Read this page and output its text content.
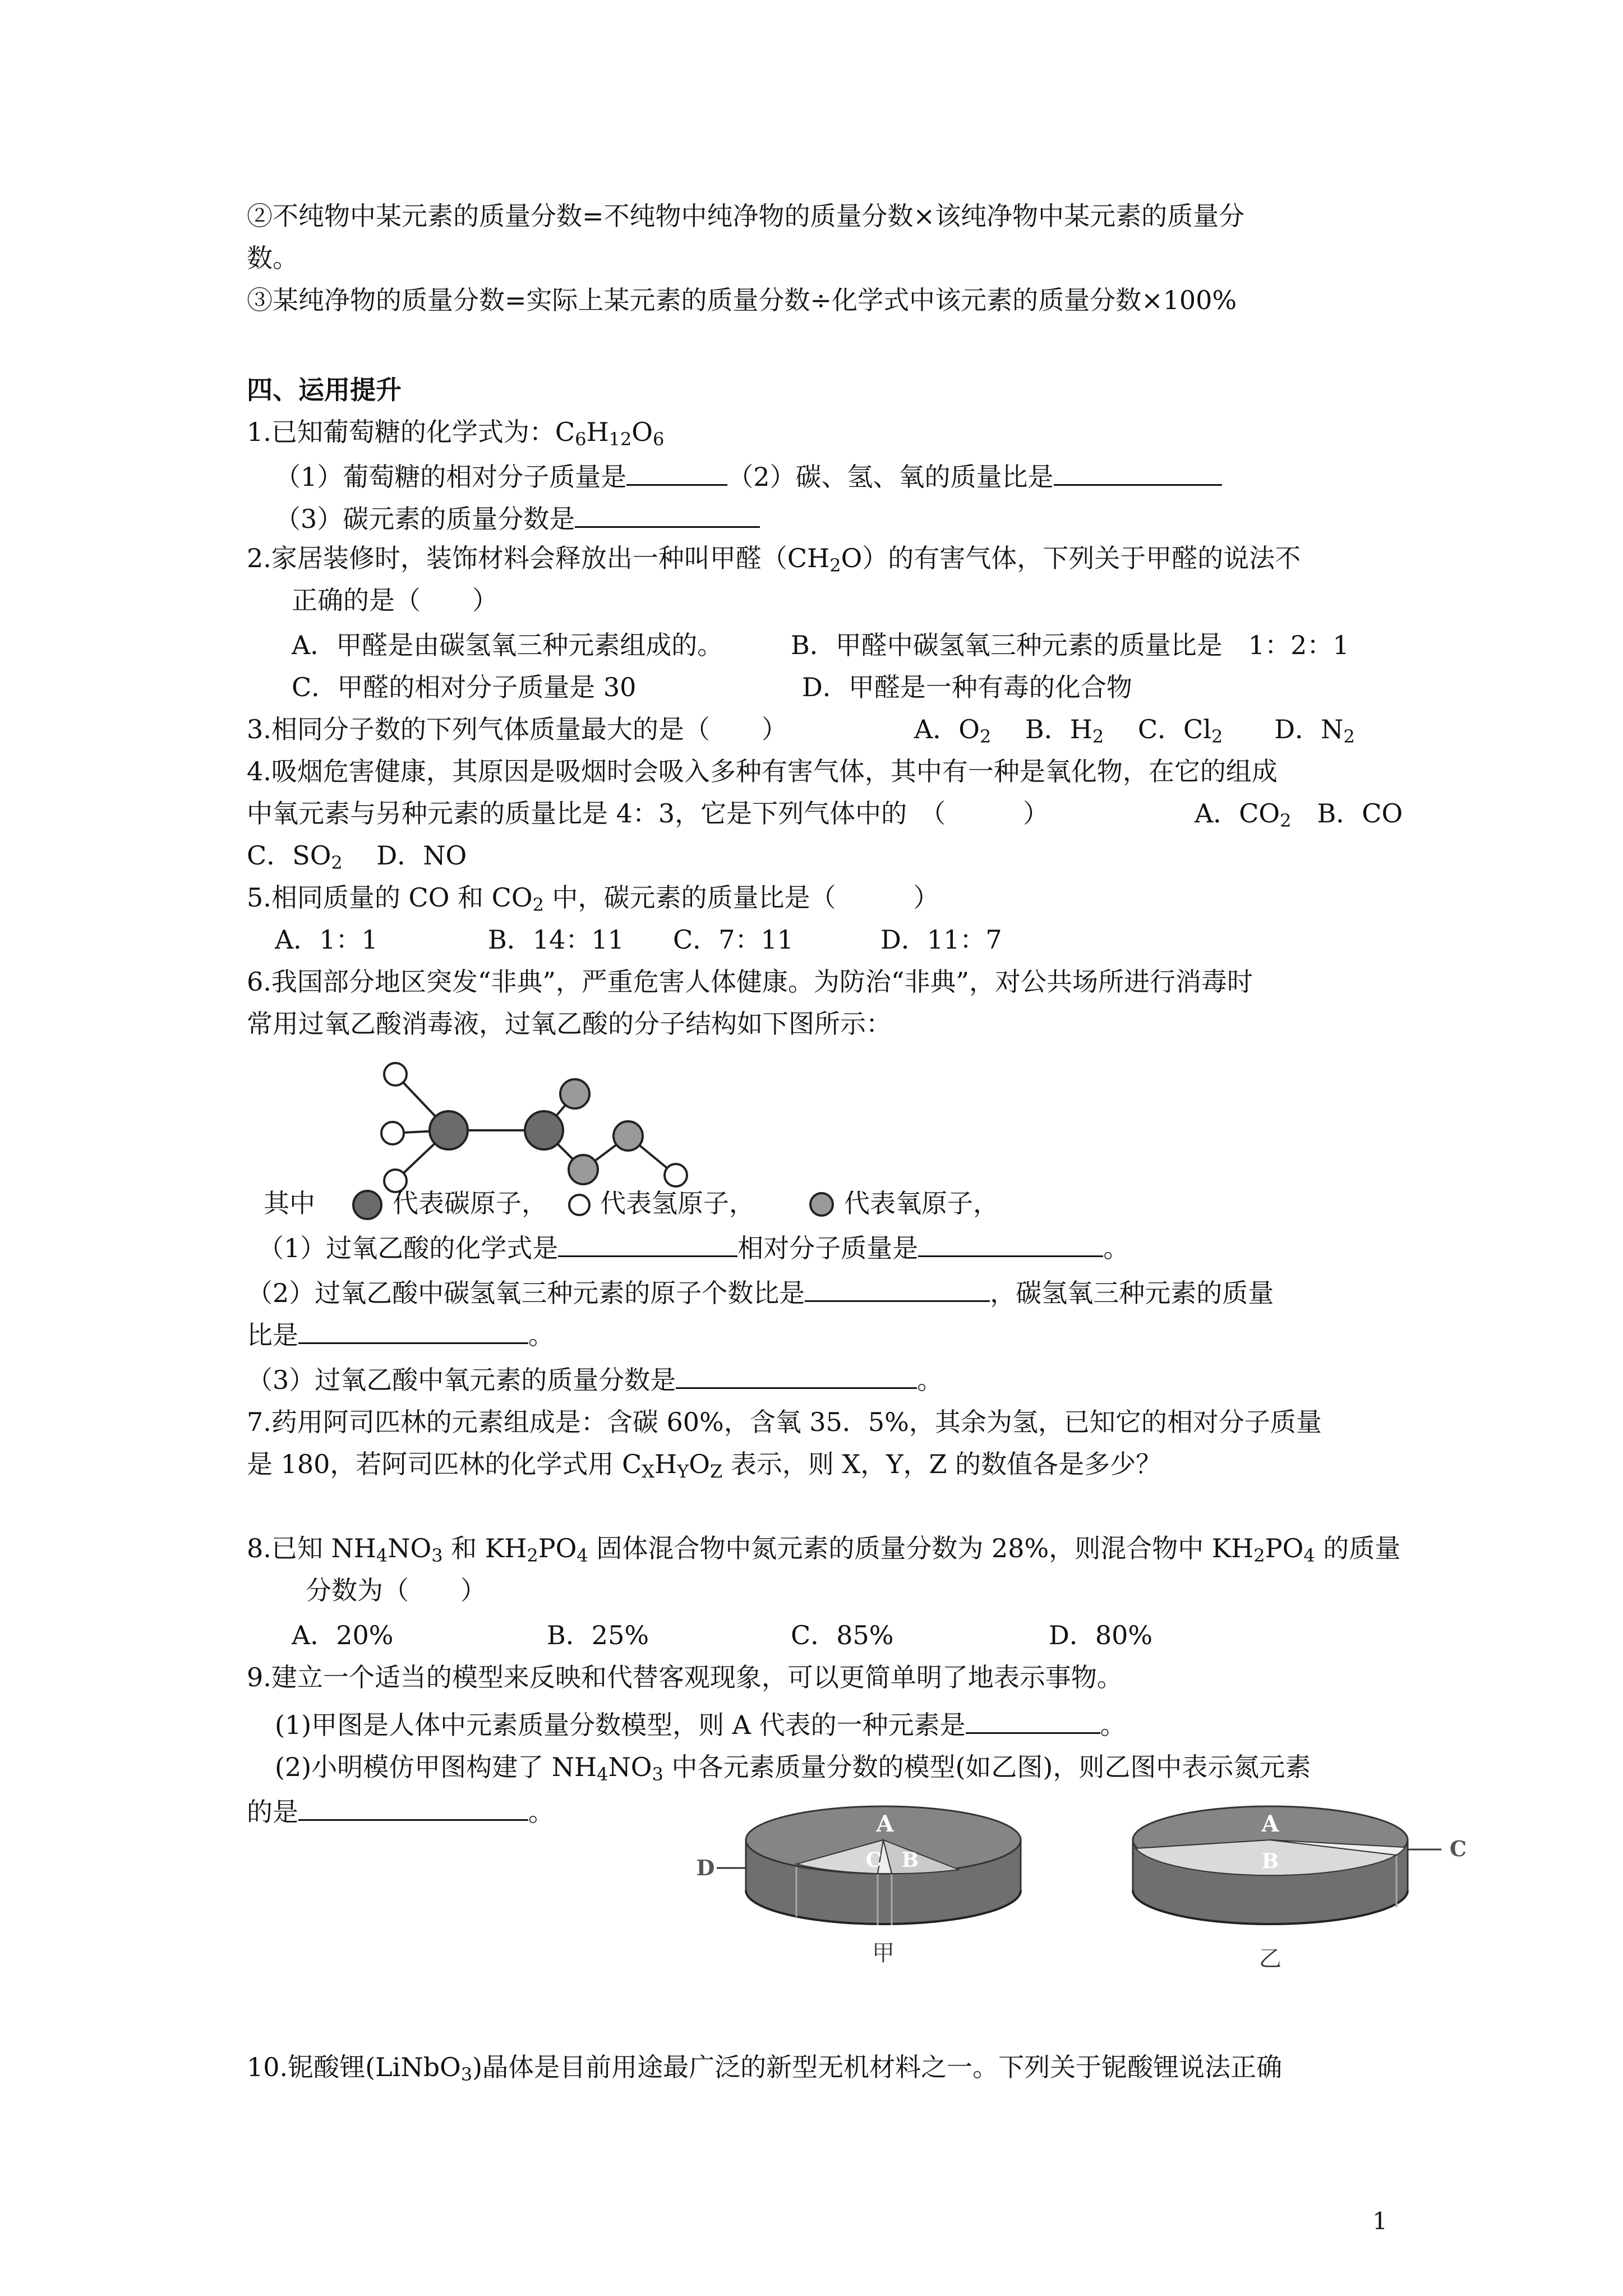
②不纯物中某元素的质量分数=不纯物中纯净物的质量分数×该纯净物中某元素的质量分
数。
③某纯净物的质量分数=实际上某元素的质量分数÷化学式中该元素的质量分数×100%
四、运用提升
1.已知葡萄糖的化学式为：$C_6H_{12}O_6$
（1）葡萄糖的相对分子质量是	（2）碳、氢、氧的质量比是
（3）碳元素的质量分数是
2.家居装修时，装饰材料会释放出一种叫甲醛$(CH_2O)$的有害气体，下列关于甲醛的说法不
正确的是（　　）
A．甲醛是由碳氢氧三种元素组成的。	B．甲醛中碳氢氧三种元素的质量比是　1：2：1
C．甲醛的相对分子质量是 30	D．甲醛是一种有毒的化合物
3.相同分子数的下列气体质量最大的是（　　）	A．$O_2$　 B．$H_2$　 C．$Cl_2$　　 D．$N_2$
4.吸烟危害健康，其原因是吸烟时会吸入多种有害气体，其中有一种是氧化物，在它的组成
中氧元素与另种元素的质量比是 4：3，它是下列气体中的　（　　　）	A．$CO_2$　 B．CO
C．$SO_2$　 D．NO
5.相同质量的 CO 和 $CO_2$ 中，碳元素的质量比是（　　　）
A．1：1	B．14：11 C．7：11	D．11：7
6.我国部分地区突发“非典”，严重危害人体健康。为防治“非典”，对公共场所进行消毒时
常用过氧乙酸消毒液，过氧乙酸的分子结构如下图所示：
其中	代表碳原子， 代表氢原子，	代表氧原子，
（1）过氧乙酸的化学式是	相对分子质量是	。
（2）过氧乙酸中碳氢氧三种元素的原子个数比是	，碳氢氧三种元素的质量
比是	。
（3）过氧乙酸中氧元素的质量分数是	。
7.药用阿司匹林的元素组成是：含碳 60%，含氧 35．5%，其余为氢，已知它的相对分子质量
是 180，若阿司匹林的化学式用 $C_XH_YO_Z$ 表示，则 X，Y，Z 的数值各是多少？
8.已知 $NH_4NO_3$ 和 $KH_2PO_4$ 固体混合物中氮元素的质量分数为 28%，则混合物中 $KH_2PO_4$ 的质量
分数为（　　）
A．20%	B．25%	C．85%	D．80%
9.建立一个适当的模型来反映和代替客观现象，可以更简单明了地表示事物。
(1)甲图是人体中元素质量分数模型，则 A 代表的一种元素是	。
(2)小明模仿甲图构建了 $NH_4NO_3$ 中各元素质量分数的模型(如乙图)，则乙图中表示氮元素
的是	。	A
B
C
D
甲
A
B	C
乙
10.铌酸锂(LiNbO$_3$)晶体是目前用途最广泛的新型无机材料之一。下列关于铌酸锂说法正确
1
